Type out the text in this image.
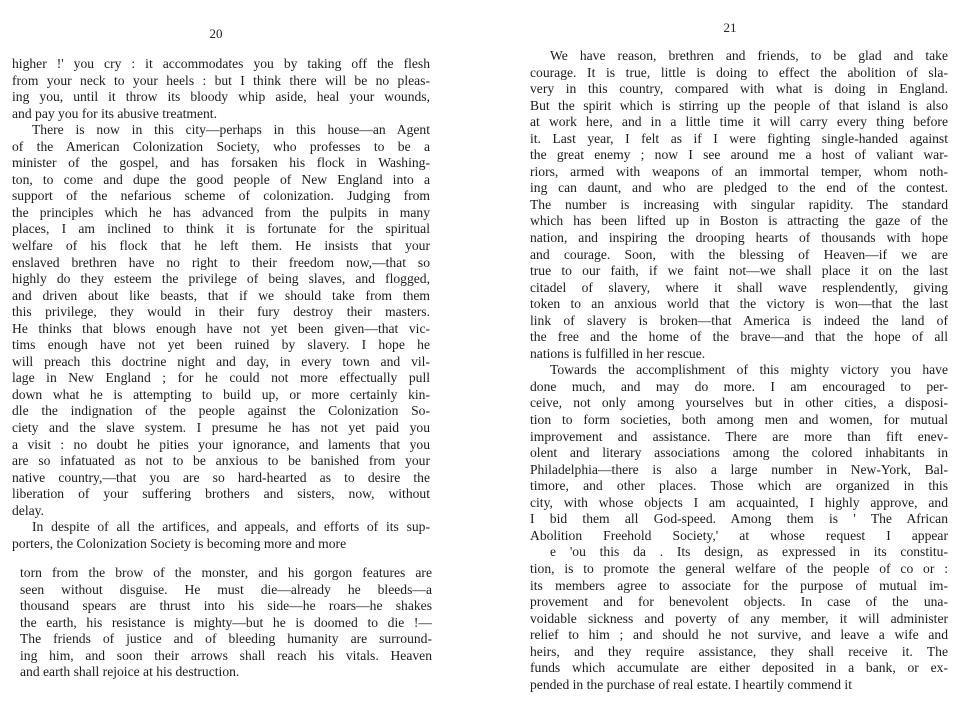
20
higher !' you cry : it accommodates you by taking off the flesh
from your neck to your heels : but I think there will be no pleas-
ing you, until it throw its bloody whip aside, heal your wounds,
and pay you for its abusive treatment.
There is now in this city—perhaps in this house—an Agent
of the American Colonization Society, who professes to be a
minister of the gospel, and has forsaken his flock in Washing-
ton, to come and dupe the good people of New England into a
support of the nefarious scheme of colonization. Judging from
the principles which he has advanced from the pulpits in many
places, I am inclined to think it is fortunate for the spiritual
welfare of his flock that he left them. He insists that your
enslaved brethren have no right to their freedom now,—that so
highly do they esteem the privilege of being slaves, and flogged,
and driven about like beasts, that if we should take from them
this privilege, they would in their fury destroy their masters.
He thinks that blows enough have not yet been given—that vic-
tims enough have not yet been ruined by slavery. I hope he
will preach this doctrine night and day, in every town and vil-
lage in New England ; for he could not more effectually pull
down what he is attempting to build up, or more certainly kin-
dle the indignation of the people against the Colonization So-
ciety and the slave system. I presume he has not yet paid you
a visit : no doubt he pities your ignorance, and laments that you
are so infatuated as not to be anxious to be banished from your
native country,—that you are so hard-hearted as to desire the
liberation of your suffering brothers and sisters, now, without
delay.
In despite of all the artifices, and appeals, and efforts of its sup-
porters, the Colonization Society is becoming more and more
torn from the brow of the monster, and his gorgon features are
seen without disguise. He must die—already he bleeds—a
thousand spears are thrust into his side—he roars—he shakes
the earth, his resistance is mighty—but he is doomed to die !—
The friends of justice and of bleeding humanity are surround-
ing him, and soon their arrows shall reach his vitals. Heaven
and earth shall rejoice at his destruction.
21
We have reason, brethren and friends, to be glad and take
courage. It is true, little is doing to effect the abolition of sla-
very in this country, compared with what is doing in England.
But the spirit which is stirring up the people of that island is also
at work here, and in a little time it will carry every thing before
it. Last year, I felt as if I were fighting single-handed against
the great enemy ; now I see around me a host of valiant war-
riors, armed with weapons of an immortal temper, whom noth-
ing can daunt, and who are pledged to the end of the contest.
The number is increasing with singular rapidity. The standard
which has been lifted up in Boston is attracting the gaze of the
nation, and inspiring the drooping hearts of thousands with hope
and courage. Soon, with the blessing of Heaven—if we are
true to our faith, if we faint not—we shall place it on the last
citadel of slavery, where it shall wave resplendently, giving
token to an anxious world that the victory is won—that the last
link of slavery is broken—that America is indeed the land of
the free and the home of the brave—and that the hope of all
nations is fulfilled in her rescue.
Towards the accomplishment of this mighty victory you have
done much, and may do more. I am encouraged to per-
ceive, not only among yourselves but in other cities, a disposi-
tion to form societies, both among men and women, for mutual
improvement and assistance. There are more than fift enev-
olent and literary associations among the colored inhabitants in
Philadelphia—there is also a large number in New-York, Bal-
timore, and other places. Those which are organized in this
city, with whose objects I am acquainted, I highly approve, and
I bid them all God-speed. Among them is ' The African
Abolition Freehold Society,' at whose request I appear
e 'ou this da . Its design, as expressed in its constitu-
tion, is to promote the general welfare of the people of co or :
its members agree to associate for the purpose of mutual im-
provement and for benevolent objects. In case of the una-
voidable sickness and poverty of any member, it will administer
relief to him ; and should he not survive, and leave a wife and
heirs, and they require assistance, they shall receive it. The
funds which accumulate are either deposited in a bank, or ex-
pended in the purchase of real estate. I heartily commend it
